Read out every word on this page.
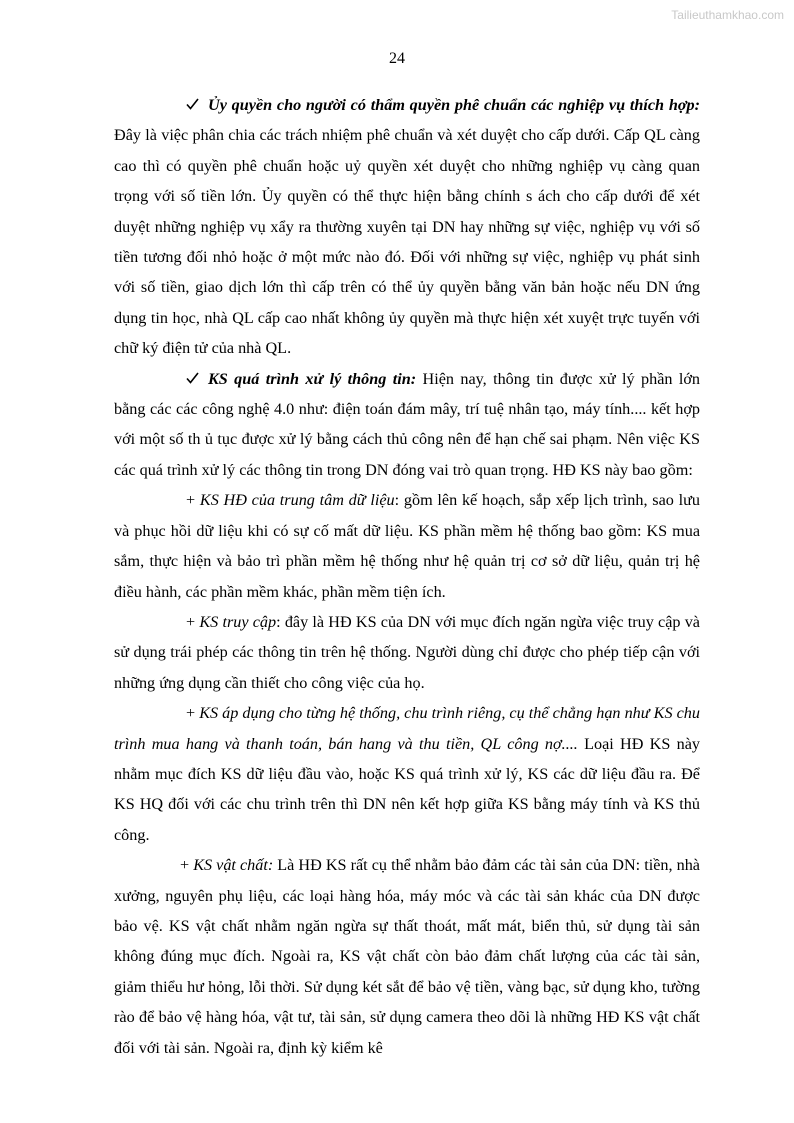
Tailieuthamkhao.com
24

Ủy quyền cho người có thẩm quyền phê chuẩn các nghiệp vụ thích hợp: Đây là việc phân chia các trách nhiệm phê chuẩn và xét duyệt cho cấp dưới. Cấp QL càng cao thì có quyền phê chuẩn hoặc uỷ quyền xét duyệt cho những nghiệp vụ càng quan trọng với số tiền lớn. Ủy quyền có thể thực hiện bằng chính s ách cho cấp dưới để xét duyệt những nghiệp vụ xẩy ra thường xuyên tại DN hay những sự việc, nghiệp vụ với số tiền tương đối nhỏ hoặc ở một mức nào đó. Đối với những sự việc, nghiệp vụ phát sinh với số tiền, giao dịch lớn thì cấp trên có thể ủy quyền bằng văn bản hoặc nếu DN ứng dụng tin học, nhà QL cấp cao nhất không ủy quyền mà thực hiện xét xuyệt trực tuyến với chữ ký điện tử của nhà QL.

KS quá trình xử lý thông tin: Hiện nay, thông tin được xử lý phần lớn bằng các các công nghệ 4.0 như: điện toán đám mây, trí tuệ nhân tạo, máy tính.... kết hợp với một số th ủ tục được xử lý bằng cách thủ công nên để hạn chế sai phạm. Nên việc KS các quá trình xử lý các thông tin trong DN đóng vai trò quan trọng. HĐ KS này bao gồm:

+ KS HĐ của trung tâm dữ liệu: gồm lên kế hoạch, sắp xếp lịch trình, sao lưu và phục hồi dữ liệu khi có sự cố mất dữ liệu. KS phần mềm hệ thống bao gồm: KS mua sắm, thực hiện và bảo trì phần mềm hệ thống như hệ quản trị cơ sở dữ liệu, quản trị hệ điều hành, các phần mềm khác, phần mềm tiện ích.

+ KS truy cập: đây là HĐ KS của DN với mục đích ngăn ngừa việc truy cập và sử dụng trái phép các thông tin trên hệ thống. Người dùng chỉ được cho phép tiếp cận với những ứng dụng cần thiết cho công việc của họ.

+ KS áp dụng cho từng hệ thống, chu trình riêng, cụ thể chẳng hạn như KS chu trình mua hang và thanh toán, bán hang và thu tiền, QL công nợ.... Loại HĐ KS này nhằm mục đích KS dữ liệu đầu vào, hoặc KS quá trình xử lý, KS các dữ liệu đầu ra. Để KS HQ đối với các chu trình trên thì DN nên kết hợp giữa KS bằng máy tính và KS thủ công.

+ KS vật chất: Là HĐ KS rất cụ thể nhằm bảo đảm các tài sản của DN: tiền, nhà xưởng, nguyên phụ liệu, các loại hàng hóa, máy móc và các tài sản khác của DN được bảo vệ. KS vật chất nhằm ngăn ngừa sự thất thoát, mất mát, biển thủ, sử dụng tài sản không đúng mục đích. Ngoài ra, KS vật chất còn bảo đảm chất lượng của các tài sản, giảm thiểu hư hỏng, lỗi thời. Sử dụng két sắt để bảo vệ tiền, vàng bạc, sử dụng kho, tường rào để bảo vệ hàng hóa, vật tư, tài sản, sử dụng camera theo dõi là những HĐ KS vật chất đối với tài sản. Ngoài ra, định kỳ kiểm kê
